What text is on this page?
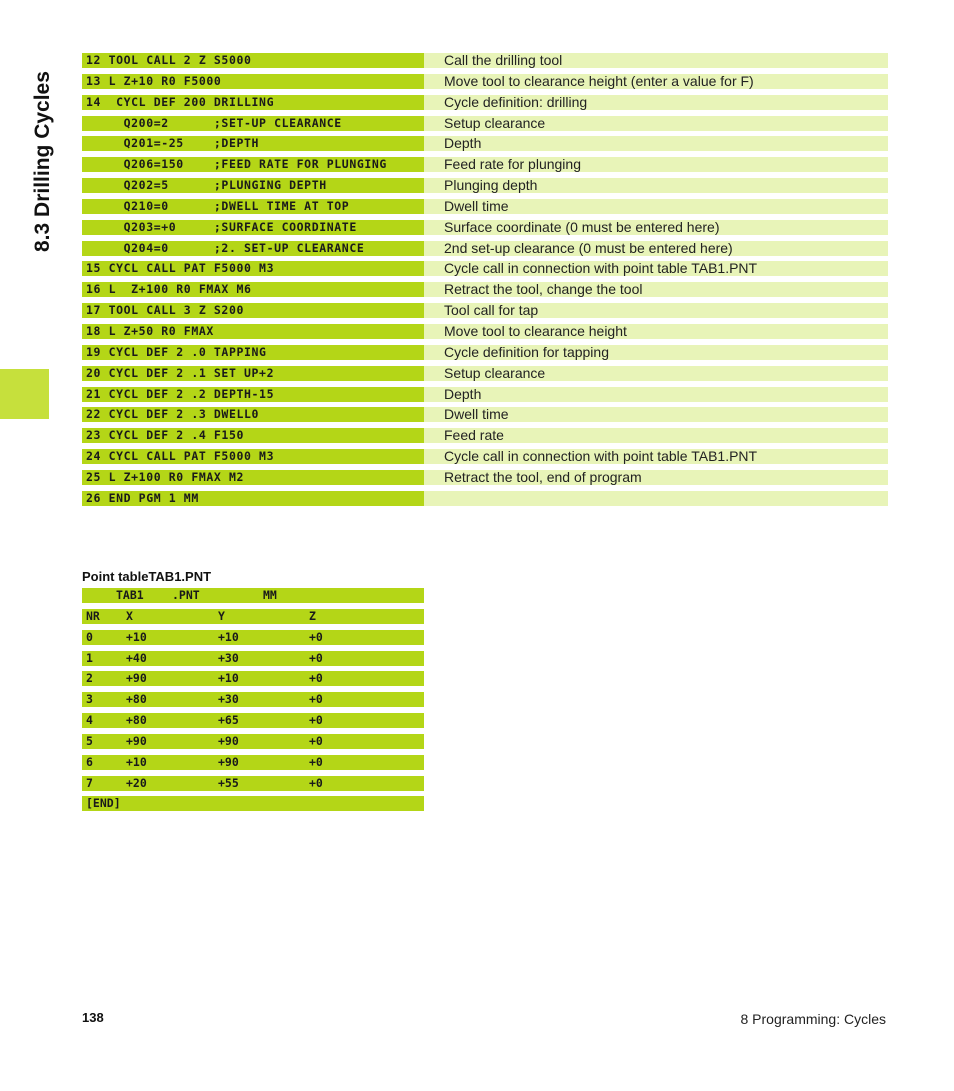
8.3 Drilling Cycles
12 TOOL CALL 2 Z S5000	Call the drilling tool
13 L Z+10 R0 F5000	Move tool to clearance height (enter a value for F)
14  CYCL DEF 200 DRILLING	Cycle definition: drilling
Q200=2      ;SET-UP CLEARANCE	Setup clearance
Q201=-25    ;DEPTH	Depth
Q206=150    ;FEED RATE FOR PLUNGING	Feed rate for plunging
Q202=5      ;PLUNGING DEPTH	Plunging depth
Q210=0      ;DWELL TIME AT TOP	Dwell time
Q203=+0     ;SURFACE COORDINATE	Surface coordinate (0 must be entered here)
Q204=0      ;2. SET-UP CLEARANCE	2nd set-up clearance (0 must be entered here)
15 CYCL CALL PAT F5000 M3	Cycle call in connection with point table TAB1.PNT
16 L  Z+100 R0 FMAX M6	Retract the tool, change the tool
17 TOOL CALL 3 Z S200	Tool call for tap
18 L Z+50 R0 FMAX	Move tool to clearance height
19 CYCL DEF 2 .0 TAPPING	Cycle definition for tapping
20 CYCL DEF 2 .1 SET UP+2	Setup clearance
21 CYCL DEF 2 .2 DEPTH-15	Depth
22 CYCL DEF 2 .3 DWELL0	Dwell time
23 CYCL DEF 2 .4 F150	Feed rate
24 CYCL CALL PAT F5000 M3	Cycle call in connection with point table TAB1.PNT
25 L Z+100 R0 FMAX M2	Retract the tool, end of program
26 END PGM 1 MM
Point tableTAB1.PNT
TAB1 .PNT	MM
NR X	Y	Z
0	+10	+10	+0
1	+40	+30	+0
2	+90	+10	+0
3	+80	+30	+0
4	+80	+65	+0
5	+90	+90	+0
6	+10	+90	+0
7	+20	+55	+0
[END]
138	8 Programming: Cycles
